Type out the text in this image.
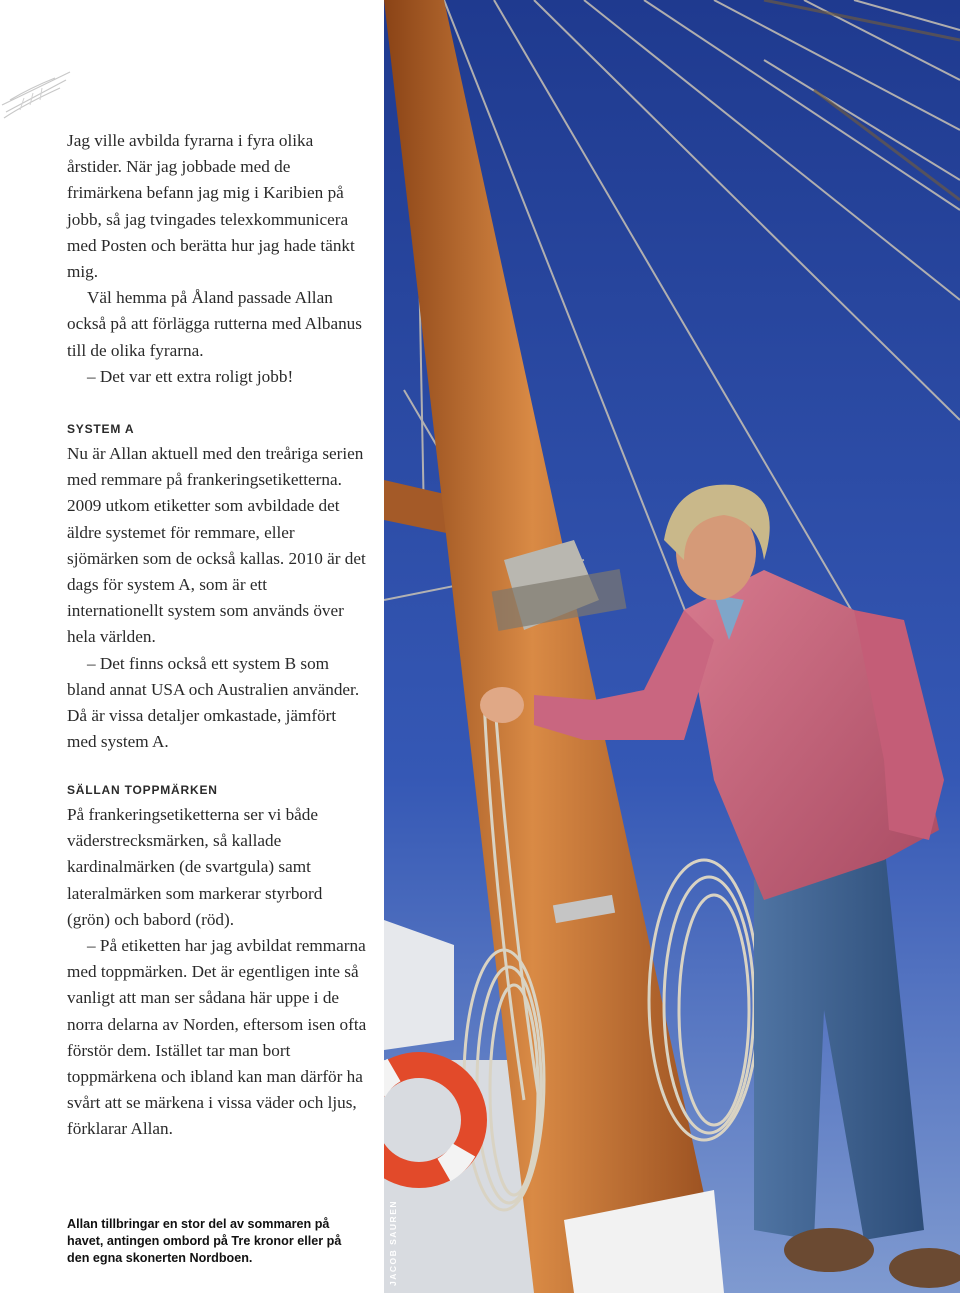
Jag ville avbilda fyrarna i fyra olika årstider. När jag jobbade med de frimärkena befann jag mig i Karibien på jobb, så jag tvingades telexkommunicera med Posten och berätta hur jag hade tänkt mig.

Väl hemma på Åland passade Allan också på att förlägga rutterna med Albanus till de olika fyrarna.

– Det var ett extra roligt jobb!

SYSTEM A

Nu är Allan aktuell med den treåriga serien med remmare på frankeringsetiketterna. 2009 utkom etiketter som avbildade det äldre systemet för remmare, eller sjömärken som de också kallas. 2010 är det dags för system A, som är ett internationellt system som används över hela världen.

– Det finns också ett system B som bland annat USA och Australien använder. Då är vissa detaljer omkastade, jämfört med system A.

SÄLLAN TOPPMÄRKEN

På frankeringsetiketterna ser vi både väderstrecksmärken, så kallade kardinalmärken (de svartgula) samt lateralmärken som markerar styrbord (grön) och babord (röd).

– På etiketten har jag avbildat remmarna med toppmärken. Det är egentligen inte så vanligt att man ser sådana här uppe i de norra delarna av Norden, eftersom isen ofta förstör dem. Istället tar man bort toppmärkena och ibland kan man därför ha svårt att se märkena i vissa väder och ljus, förklarar Allan.

Allan tillbringar en stor del av sommaren på havet, antingen ombord på Tre kronor eller på den egna skonerten Nordboen.	JACOB SAUREN
